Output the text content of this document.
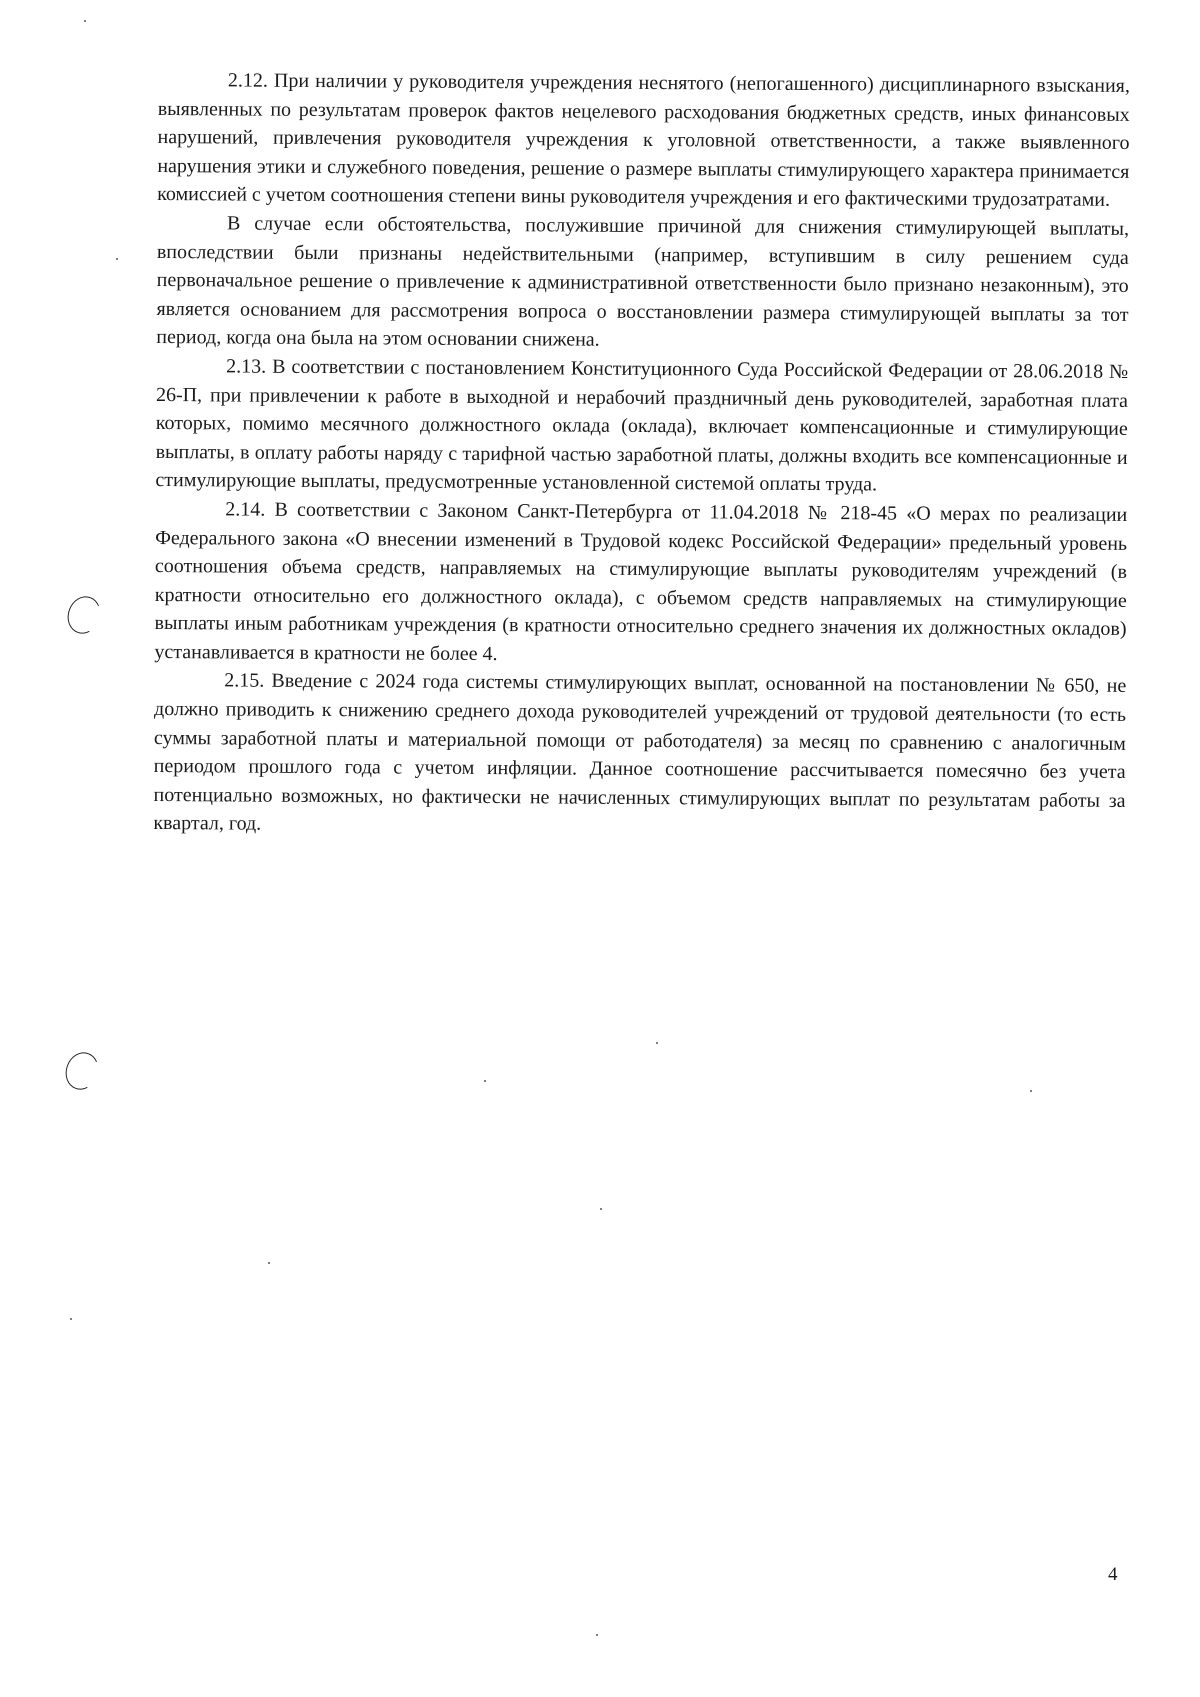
2.12. При наличии у руководителя учреждения неснятого (непогашенного) дисциплинарного взыскания, выявленных по результатам проверок фактов нецелевого расходования бюджетных средств, иных финансовых нарушений, привлечения руководителя учреждения к уголовной ответственности, а также выявленного нарушения этики и служебного поведения, решение о размере выплаты стимулирующего характера принимается комиссией с учетом соотношения степени вины руководителя учреждения и его фактическими трудозатратами.

В случае если обстоятельства, послужившие причиной для снижения стимулирующей выплаты, впоследствии были признаны недействительными (например, вступившим в силу решением суда первоначальное решение о привлечение к административной ответственности было признано незаконным), это является основанием для рассмотрения вопроса о восстановлении размера стимулирующей выплаты за тот период, когда она была на этом основании снижена.

2.13. В соответствии с постановлением Конституционного Суда Российской Федерации от 28.06.2018 № 26-П, при привлечении к работе в выходной и нерабочий праздничный день руководителей, заработная плата которых, помимо месячного должностного оклада (оклада), включает компенсационные и стимулирующие выплаты, в оплату работы наряду с тарифной частью заработной платы, должны входить все компенсационные и стимулирующие выплаты, предусмотренные установленной системой оплаты труда.

2.14. В соответствии с Законом Санкт-Петербурга от 11.04.2018 № 218-45 «О мерах по реализации Федерального закона «О внесении изменений в Трудовой кодекс Российской Федерации» предельный уровень соотношения объема средств, направляемых на стимулирующие выплаты руководителям учреждений (в кратности относительно его должностного оклада), с объемом средств направляемых на стимулирующие выплаты иным работникам учреждения (в кратности относительно среднего значения их должностных окладов) устанавливается в кратности не более 4.

2.15. Введение с 2024 года системы стимулирующих выплат, основанной на постановлении № 650, не должно приводить к снижению среднего дохода руководителей учреждений от трудовой деятельности (то есть суммы заработной платы и материальной помощи от работодателя) за месяц по сравнению с аналогичным периодом прошлого года с учетом инфляции. Данное соотношение рассчитывается помесячно без учета потенциально возможных, но фактически не начисленных стимулирующих выплат по результатам работы за квартал, год.

4
